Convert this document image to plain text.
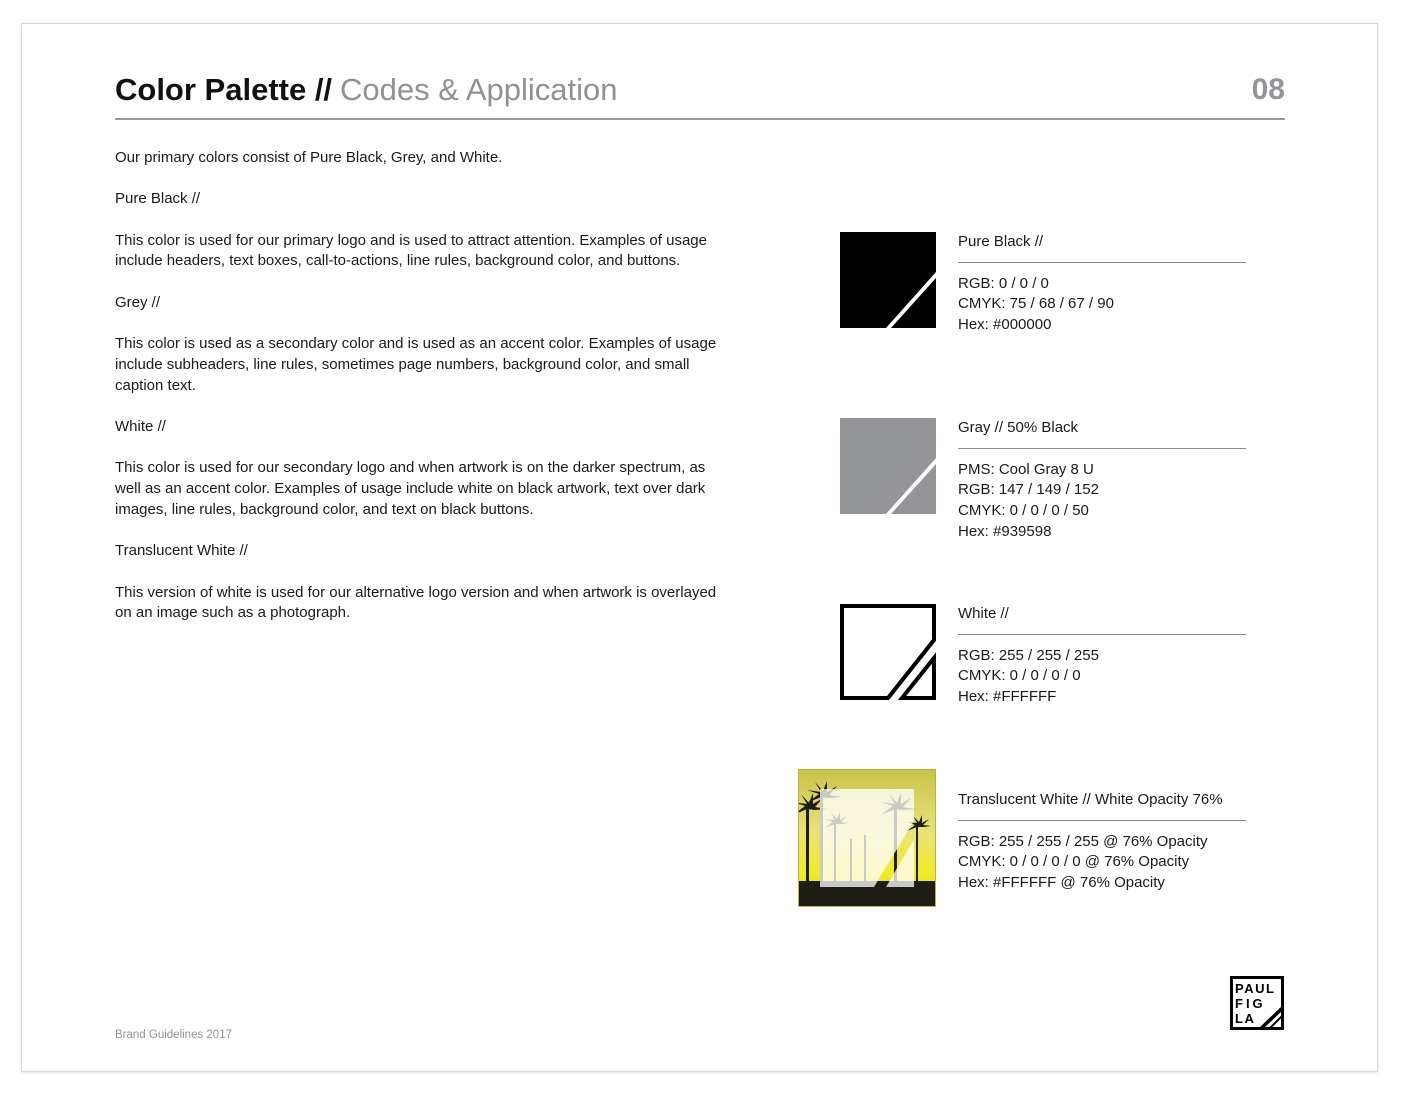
Color Palette // Codes & Application	08

Our primary colors consist of Pure Black, Grey, and White.

Pure Black //

This color is used for our primary logo and is used to attract attention. Examples of usage include headers, text boxes, call-to-actions, line rules, background color, and buttons.

Grey //

This color is used as a secondary color and is used as an accent color. Examples of usage include subheaders, line rules, sometimes page numbers, background color, and small caption text.

White //

This color is used for our secondary logo and when artwork is on the darker spectrum, as well as an accent color. Examples of usage include white on black artwork, text over dark images, line rules, background color, and text on black buttons.

Translucent White //

This version of white is used for our alternative logo version and when artwork is overlayed on an image such as a photograph.

Pure Black //
RGB: 0 / 0 / 0
CMYK: 75 / 68 / 67 / 90
Hex: #000000
Gray // 50% Black
PMS: Cool Gray 8 U
RGB: 147 / 149 / 152
CMYK: 0 / 0 / 0 / 50
Hex: #939598
White //
RGB: 255 / 255 / 255
CMYK: 0 / 0 / 0 / 0
Hex: #FFFFFF
Translucent White // White Opacity 76%
RGB: 255 / 255 / 255 @ 76% Opacity
CMYK: 0 / 0 / 0 / 0 @ 76% Opacity
Hex: #FFFFFF @ 76% Opacity
Brand Guidelines 2017
PAUL
FIG
LA
